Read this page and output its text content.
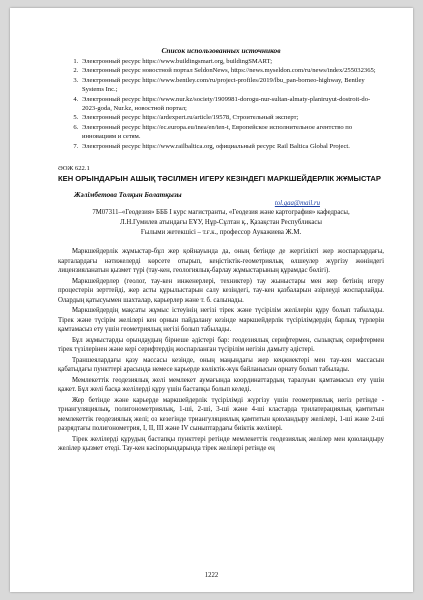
Список использованных источников
1. Электронный ресурс https://www.buildingsmart.org, buildingSMART;
2. Электронный ресурс новостной портал SeldonNews, https://news.myseldon.com/ru/news/index/255032365;
3. Электронный ресурс https://www.bentley.com/ru/project-profiles/2019/lbu_pan-borneo-highway, Bentley Systems Inc.;
4. Электронный ресурс https://www.nur.kz/society/1909981-dorogu-nur-sultan-almaty-planiruyut-dostroit-do-2023-goda, Nur.kz, новостной портал;
5. Электронный ресурс https://ardexpert.ru/article/19578, Строительный эксперт;
6. Электронный ресурс https://ec.europa.eu/inea/en/ten-t, Европейское исполнительное агентство по инновациям и сетям.
7. Электронный ресурс https://www.railbaltica.org, официальный ресурс Rail Baltica Global Project.
ӘОЖ 622.1
КЕН ОРЫНДАРЫН АШЫҚ ТӘСІЛМЕН ИГЕРУ КЕЗІНДЕГІ МАРКШЕЙДЕРЛІК ЖҰМЫСТАР
Жәлімбетова Толқын Болатқызы
tol.gaa@mail.ru
7М07311–«Геодезия» БББ І курс магистранты, «Геодезия және картография» кафедрасы,
Л.Н.Гумилев атындағы ЕҰУ, Нұр-Сұлтан қ., Қазақстан Республикасы
Ғылыми жетекшісі – т.ғ.к., профессор Аукажиева Ж.М.

Маркшейдерлік жұмыстар-бұл жер қойнауында да, оның бетінде де жергілікті жер жоспарлардағы, карталардағы нәтижелерді көрсете отырып, кеңістіктік-геометриялық өлшеулер жүргізу жөніндегі лицензияланатын қызмет түрі (тау-кен, геологиялық-барлау жұмыстарының құрамдас бөлігі).

Маркшейдерлер (геолог, тау-кен инженерлері, техниктер) тау жыныстары мен жер бетінің игеру процестерін зерттейді, жер асты құрылыстарын салу кезіндегі, тау-кен қазбаларын әзірлеуді жоспарлайды. Олардың қатысуымен шахталар, карьерлер және т. б. салынады.

Маркшейдердің мақсаты жұмыс істеуінің негізі тірек және түсірілім желілерін құру болып табылады. Тірек және түсірім желілері кен орнын пайдалану кезінде маркшейдерлік түсірілімдердің барлық түрлерін қамтамасыз ету үшін геометриялық негізі болып табылады.

Бұл жұмыстарды орындаудың бірнеше әдістері бар: геодезиялық серифтермен, сызықтық серифтермен тірек түзілерінен және кері серифтердің жоспарланған түсірілім негізін дамыту әдістері.

Траншеялардағы қазу массасы кезінде, оның маңындағы жер кеңжиектері мен тау-кен массасын қабатыдағы пункттері арасында немесе карьерде көліктік-жүк байланысын орнату болып табылады.

Мемлекеттік геодезиялық желі мемлекет аумағында координаттардың таралуын қамтамасыз ету үшін қажет. Бұл желі басқа желілерді құру үшін бастапқы болып келеді.

Жер бетінде және карьерде маркшейдерлік түсірілімді жүргізу үшін геометриялық негіз ретінде - триангуляциялық, полигонометриялық, 1-ші, 2-ші, 3-ші және 4-ші кластарда трилатерациялық қамтитын мемлекеттік геодезиялық желі; оз кезегінде триангуляциялық қамтитын қоюландыру желілері, 1-ші және 2-ші разрядтағы полигонометрия, I, II, III және IV сыныптардағы биіктік желілері.

Тірек желілерді құрудың бастапқы пункттері ретінде мемлекеттік геодезиялық желілер мен қоюландыру желілер қызмет етеді. Тау-кен кәсіпорындарында тірек желілері ретінде ең

1222
